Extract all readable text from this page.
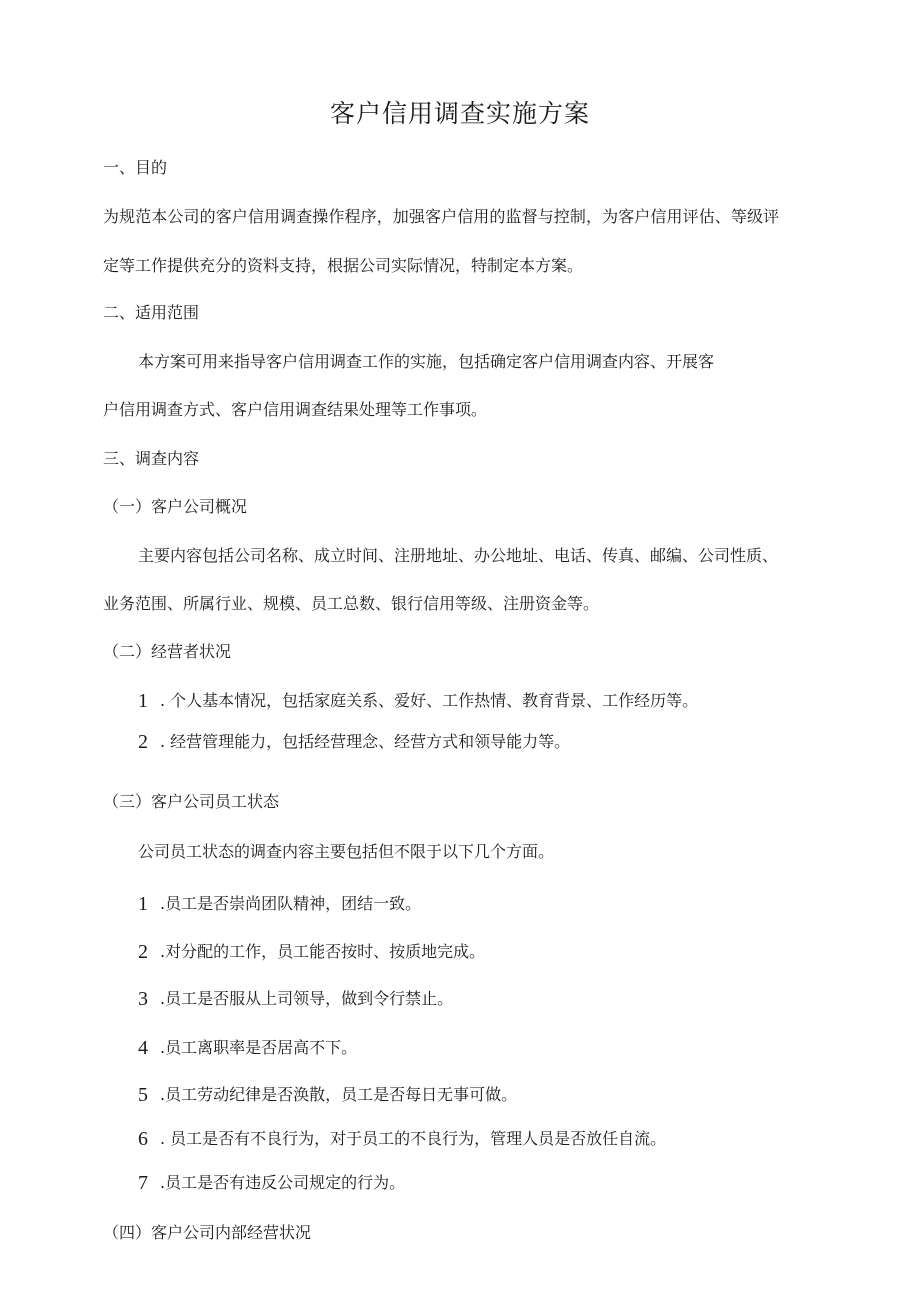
客户信用调查实施方案
一、目的
为规范本公司的客户信用调查操作程序，加强客户信用的监督与控制，为客户信用评估、等级评
定等工作提供充分的资料支持，根据公司实际情况，特制定本方案。
二、适用范围
本方案可用来指导客户信用调查工作的实施，包括确定客户信用调查内容、开展客
户信用调查方式、客户信用调查结果处理等工作事项。
三、调查内容
（一）客户公司概况
主要内容包括公司名称、成立时间、注册地址、办公地址、电话、传真、邮编、公司性质、
业务范围、所属行业、规模、员工总数、银行信用等级、注册资金等。
（二）经营者状况
1 . 个人基本情况，包括家庭关系、爱好、工作热情、教育背景、工作经历等。
2 . 经营管理能力，包括经营理念、经营方式和领导能力等。
（三）客户公司员工状态
公司员工状态的调查内容主要包括但不限于以下几个方面。
1 .员工是否崇尚团队精神，团结一致。
2 .对分配的工作，员工能否按时、按质地完成。
3 .员工是否服从上司领导，做到令行禁止。
4 .员工离职率是否居高不下。
5 .员工劳动纪律是否涣散，员工是否每日无事可做。
6 . 员工是否有不良行为，对于员工的不良行为，管理人员是否放任自流。
7 .员工是否有违反公司规定的行为。
（四）客户公司内部经营状况
